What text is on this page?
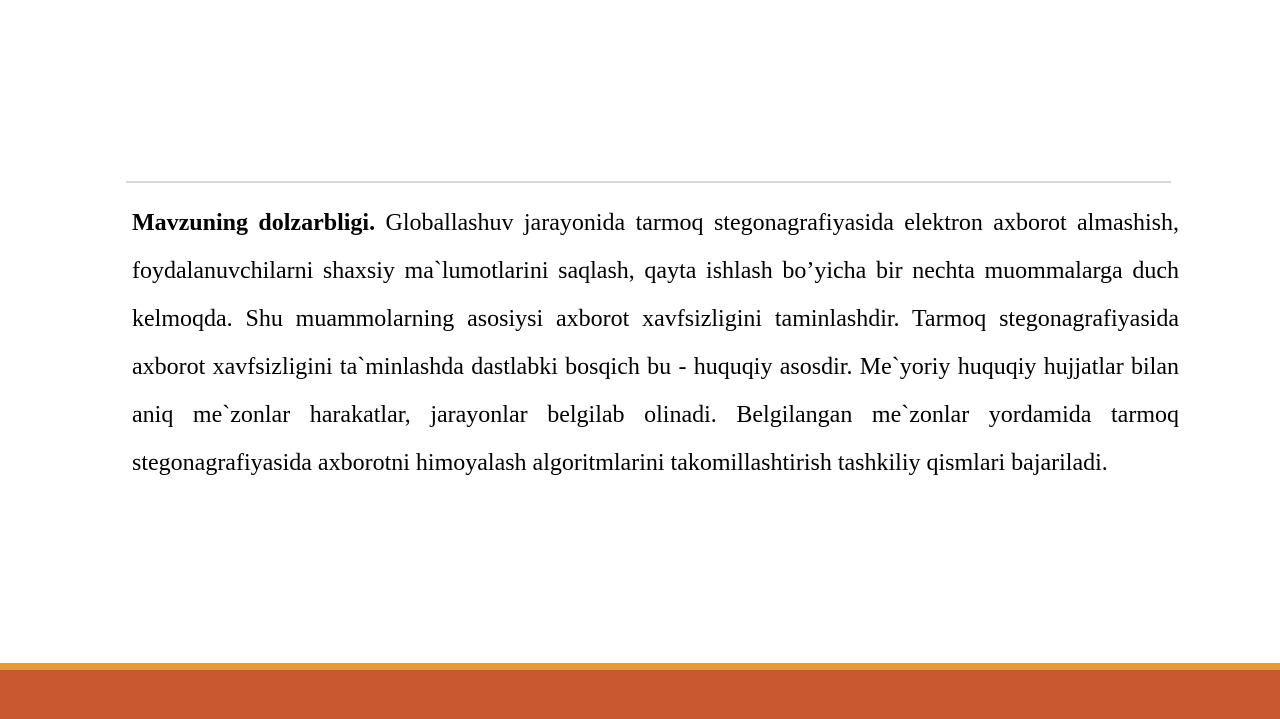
Mavzuning dolzarbligi. Globallashuv jarayonida tarmoq stegonagrafiyasida elektron axborot almashish, foydalanuvchilarni shaxsiy ma`lumotlarini saqlash, qayta ishlash bo’yicha bir nechta muommalarga duch kelmoqda. Shu muammolarning asosiysi axborot xavfsizligini taminlashdir. Tarmoq stegonagrafiyasida axborot xavfsizligini ta`minlashda dastlabki bosqich bu - huquqiy asosdir. Me`yoriy huquqiy hujjatlar bilan aniq me`zonlar harakatlar, jarayonlar belgilab olinadi. Belgilangan me`zonlar yordamida tarmoq stegonagrafiyasida axborotni himoyalash algoritmlarini takomillashtirish tashkiliy qismlari bajariladi.
